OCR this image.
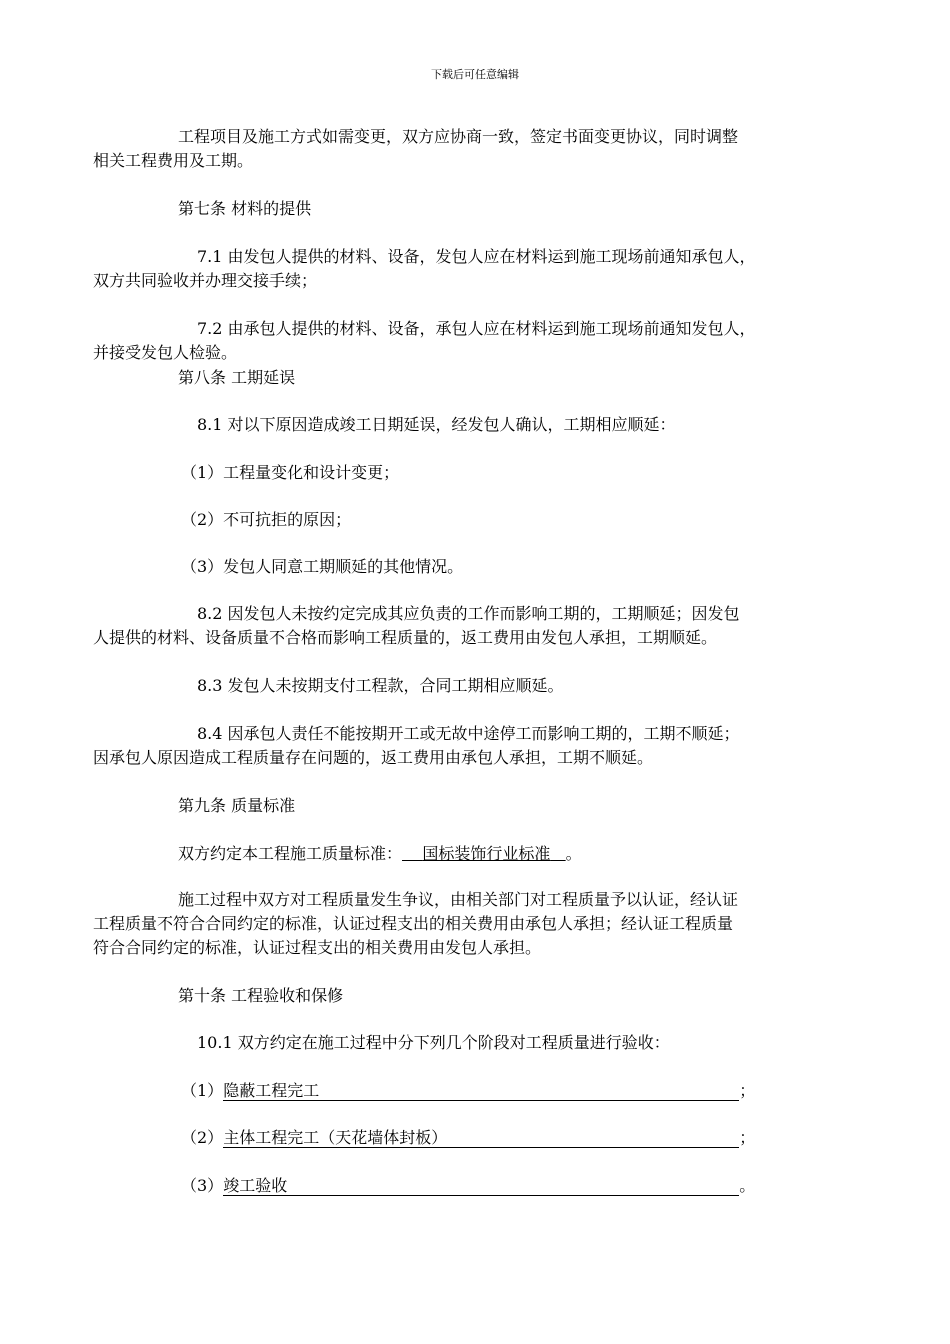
下载后可任意编辑
工程项目及施工方式如需变更，双方应协商一致，签定书面变更协议，同时调整
相关工程费用及工期。
第七条 材料的提供
7.1 由发包人提供的材料、设备，发包人应在材料运到施工现场前通知承包人，
双方共同验收并办理交接手续；
7.2 由承包人提供的材料、设备，承包人应在材料运到施工现场前通知发包人，
并接受发包人检验。
第八条 工期延误
8.1 对以下原因造成竣工日期延误，经发包人确认，工期相应顺延：
（1）工程量变化和设计变更；
（2）不可抗拒的原因；
（3）发包人同意工期顺延的其他情况。
8.2 因发包人未按约定完成其应负责的工作而影响工期的，工期顺延；因发包
人提供的材料、设备质量不合格而影响工程质量的，返工费用由发包人承担，工期顺延。
8.3 发包人未按期支付工程款，合同工期相应顺延。
8.4 因承包人责任不能按期开工或无故中途停工而影响工期的，工期不顺延；
因承包人原因造成工程质量存在问题的，返工费用由承包人承担，工期不顺延。
第九条 质量标准
双方约定本工程施工质量标准： 国标装饰行业标准 。
施工过程中双方对工程质量发生争议，由相关部门对工程质量予以认证，经认证
工程质量不符合合同约定的标准，认证过程支出的相关费用由承包人承担；经认证工程质量
符合合同约定的标准，认证过程支出的相关费用由发包人承担。
第十条 工程验收和保修
10.1 双方约定在施工过程中分下列几个阶段对工程质量进行验收：
（1）隐蔽工程完工	；
（2）主体工程完工（天花墙体封板）	；
（3）竣工验收	。
